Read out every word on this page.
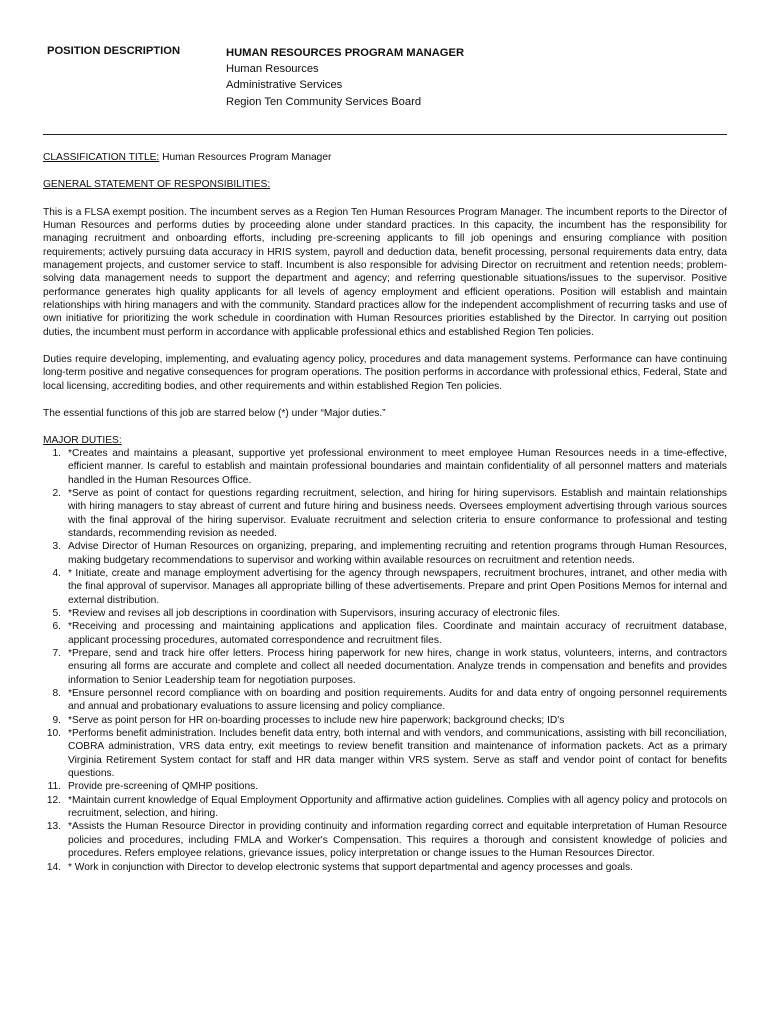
POSITION DESCRIPTION	HUMAN RESOURCES PROGRAM MANAGER
Human Resources
Administrative Services
Region Ten Community Services Board

CLASSIFICATION TITLE: Human Resources Program Manager

GENERAL STATEMENT OF RESPONSIBILITIES:

This is a FLSA exempt position. The incumbent serves as a Region Ten Human Resources Program Manager. The incumbent reports to the Director of Human Resources and performs duties by proceeding alone under standard practices. In this capacity, the incumbent has the responsibility for managing recruitment and onboarding efforts, including pre-screening applicants to fill job openings and ensuring compliance with position requirements; actively pursuing data accuracy in HRIS system, payroll and deduction data, benefit processing, personal requirements data entry, data management projects, and customer service to staff. Incumbent is also responsible for advising Director on recruitment and retention needs; problem-solving data management needs to support the department and agency; and referring questionable situations/issues to the supervisor. Positive performance generates high quality applicants for all levels of agency employment and efficient operations. Position will establish and maintain relationships with hiring managers and with the community. Standard practices allow for the independent accomplishment of recurring tasks and use of own initiative for prioritizing the work schedule in coordination with Human Resources priorities established by the Director. In carrying out position duties, the incumbent must perform in accordance with applicable professional ethics and established Region Ten policies.

Duties require developing, implementing, and evaluating agency policy, procedures and data management systems. Performance can have continuing long-term positive and negative consequences for program operations. The position performs in accordance with professional ethics, Federal, State and local licensing, accrediting bodies, and other requirements and within established Region Ten policies.

The essential functions of this job are starred below (*) under “Major duties.”

MAJOR DUTIES:

1. *Creates and maintains a pleasant, supportive yet professional environment to meet employee Human Resources needs in a time-effective, efficient manner. Is careful to establish and maintain professional boundaries and maintain confidentiality of all personnel matters and materials handled in the Human Resources Office.
2. *Serve as point of contact for questions regarding recruitment, selection, and hiring for hiring supervisors. Establish and maintain relationships with hiring managers to stay abreast of current and future hiring and business needs. Oversees employment advertising through various sources with the final approval of the hiring supervisor. Evaluate recruitment and selection criteria to ensure conformance to professional and testing standards, recommending revision as needed.
3. Advise Director of Human Resources on organizing, preparing, and implementing recruiting and retention programs through Human Resources, making budgetary recommendations to supervisor and working within available resources on recruitment and retention needs.
4. * Initiate, create and manage employment advertising for the agency through newspapers, recruitment brochures, intranet, and other media with the final approval of supervisor. Manages all appropriate billing of these advertisements. Prepare and print Open Positions Memos for internal and external distribution.
5. *Review and revises all job descriptions in coordination with Supervisors, insuring accuracy of electronic files.
6. *Receiving and processing and maintaining applications and application files. Coordinate and maintain accuracy of recruitment database, applicant processing procedures, automated correspondence and recruitment files.
7. *Prepare, send and track hire offer letters. Process hiring paperwork for new hires, change in work status, volunteers, interns, and contractors ensuring all forms are accurate and complete and collect all needed documentation. Analyze trends in compensation and benefits and provides information to Senior Leadership team for negotiation purposes.
8. *Ensure personnel record compliance with on boarding and position requirements. Audits for and data entry of ongoing personnel requirements and annual and probationary evaluations to assure licensing and policy compliance.
9. *Serve as point person for HR on-boarding processes to include new hire paperwork; background checks; ID's
10. *Performs benefit administration. Includes benefit data entry, both internal and with vendors, and communications, assisting with bill reconciliation, COBRA administration, VRS data entry, exit meetings to review benefit transition and maintenance of information packets. Act as a primary Virginia Retirement System contact for staff and HR data manger within VRS system. Serve as staff and vendor point of contact for benefits questions.
11. Provide pre-screening of QMHP positions.
12. *Maintain current knowledge of Equal Employment Opportunity and affirmative action guidelines. Complies with all agency policy and protocols on recruitment, selection, and hiring.
13. *Assists the Human Resource Director in providing continuity and information regarding correct and equitable interpretation of Human Resource policies and procedures, including FMLA and Worker's Compensation. This requires a thorough and consistent knowledge of policies and procedures. Refers employee relations, grievance issues, policy interpretation or change issues to the Human Resources Director.
14. * Work in conjunction with Director to develop electronic systems that support departmental and agency processes and goals.
